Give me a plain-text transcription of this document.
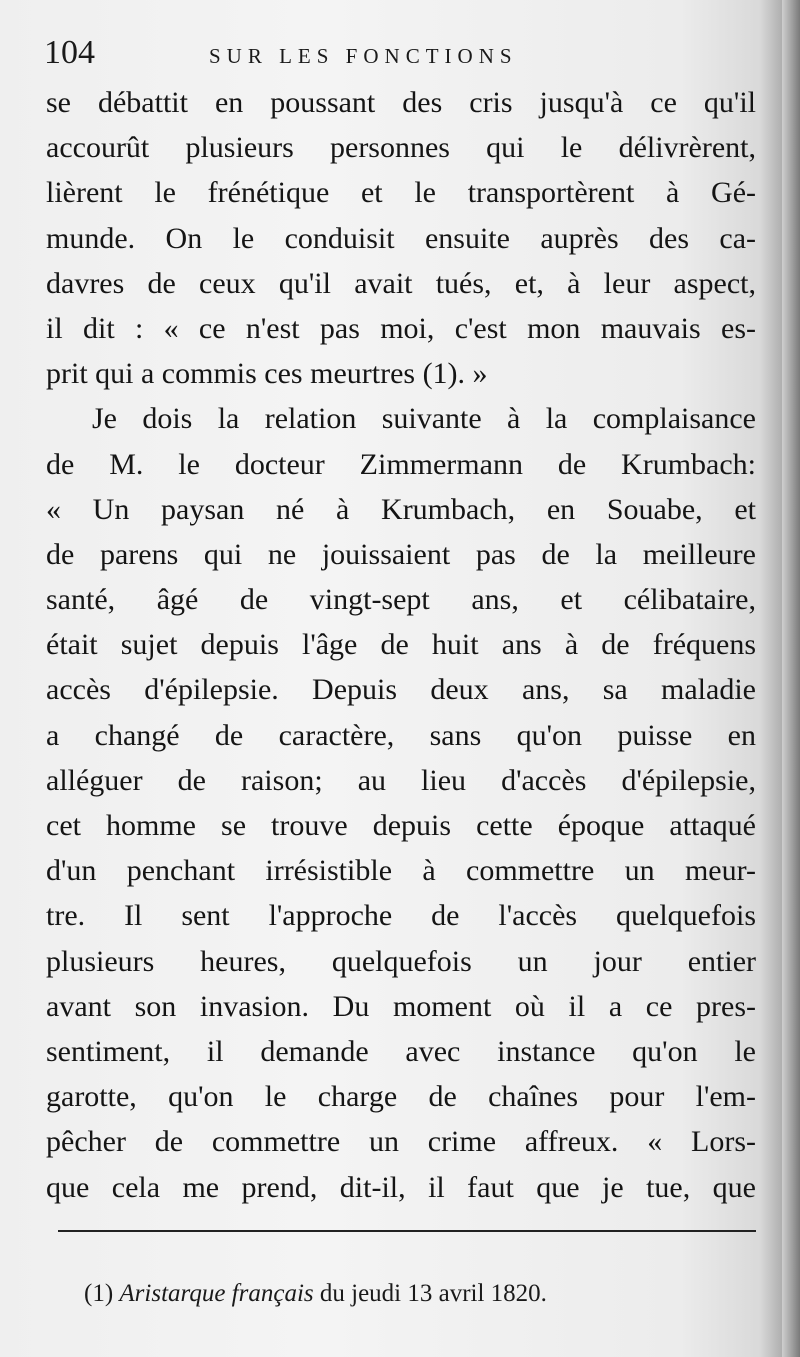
104	SUR LES FONCTIONS
se débattit en poussant des cris jusqu'à ce qu'il
accourût plusieurs personnes qui le délivrèrent,
lièrent le frénétique et le transportèrent à Gé-
munde. On le conduisit ensuite auprès des ca-
davres de ceux qu'il avait tués, et, à leur aspect,
il dit : « ce n'est pas moi, c'est mon mauvais es-
prit qui a commis ces meurtres (1). »
Je dois la relation suivante à la complaisance
de M. le docteur Zimmermann de Krumbach:
« Un paysan né à Krumbach, en Souabe, et
de parens qui ne jouissaient pas de la meilleure
santé, âgé de vingt-sept ans, et célibataire,
était sujet depuis l'âge de huit ans à de fréquens
accès d'épilepsie. Depuis deux ans, sa maladie
a changé de caractère, sans qu'on puisse en
alléguer de raison; au lieu d'accès d'épilepsie,
cet homme se trouve depuis cette époque attaqué
d'un penchant irrésistible à commettre un meur-
tre. Il sent l'approche de l'accès quelquefois
plusieurs heures, quelquefois un jour entier
avant son invasion. Du moment où il a ce pres-
sentiment, il demande avec instance qu'on le
garotte, qu'on le charge de chaînes pour l'em-
pêcher de commettre un crime affreux. « Lors-
que cela me prend, dit-il, il faut que je tue, que
(1) Aristarque français du jeudi 13 avril 1820.
